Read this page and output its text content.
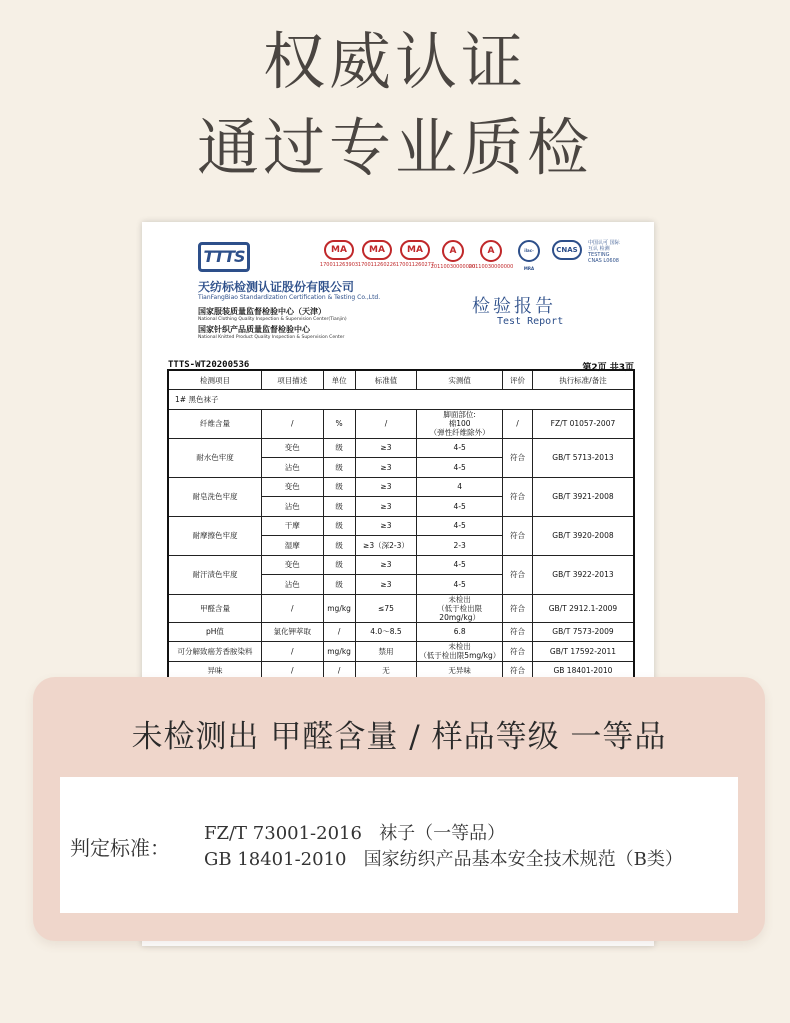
权威认证
通过专业质检
TTTS	MA
170011263903
MA
170011260226
MA
170011260277
A
20110030000000
A
20110030000000
ilac-MRA
CNAS
中国认可 国际互认 检测 TESTING CNAS L0608
天纺标检测认证股份有限公司
TianFangBiao Standardization Certification & Testing Co.,Ltd.
国家服装质量监督检验中心（天津）
National Clothing Quality Inspection & Supervision Center(Tianjin)
国家针织产品质量监督检验中心
National Knitted Product Quality Inspection & Supervision Center
检验报告
Test Report
TTTS-WT20200536	第2页 共3页
检测项目	项目描述	单位	标准值	实测值	评价	执行标准/备注
1# 黑色袜子						
纤维含量	/	%	/	脚面部位:
棉100
（弹性纤维除外）	/	FZ/T 01057-2007
耐水色牢度	变色	级	≥3	4-5	符合	GB/T 5713-2013
	沾色	级	≥3	4-5		
耐皂洗色牢度	变色	级	≥3	4	符合	GB/T 3921-2008
	沾色	级	≥3	4-5		
耐摩擦色牢度	干摩	级	≥3	4-5	符合	GB/T 3920-2008
	湿摩	级	≥3（深2-3）	2-3		
耐汗渍色牢度	变色	级	≥3	4-5	符合	GB/T 3922-2013
	沾色	级	≥3	4-5		
甲醛含量	/	mg/kg	≤75	未检出
（低于检出限20mg/kg）	符合	GB/T 2912.1-2009
pH值	氯化钾萃取	/	4.0～8.5	6.8	符合	GB/T 7573-2009
可分解致癌芳香胺染料	/	mg/kg	禁用	未检出
（低于检出限5mg/kg）	符合	GB/T 17592-2011
异味	/	/	无	无异味	符合	GB 18401-2010
未检测出 甲醛含量 / 样品等级 一等品
判定标准：
FZ/T 73001-2016   袜子（一等品）
GB 18401-2010   国家纺织产品基本安全技术规范（B类）
